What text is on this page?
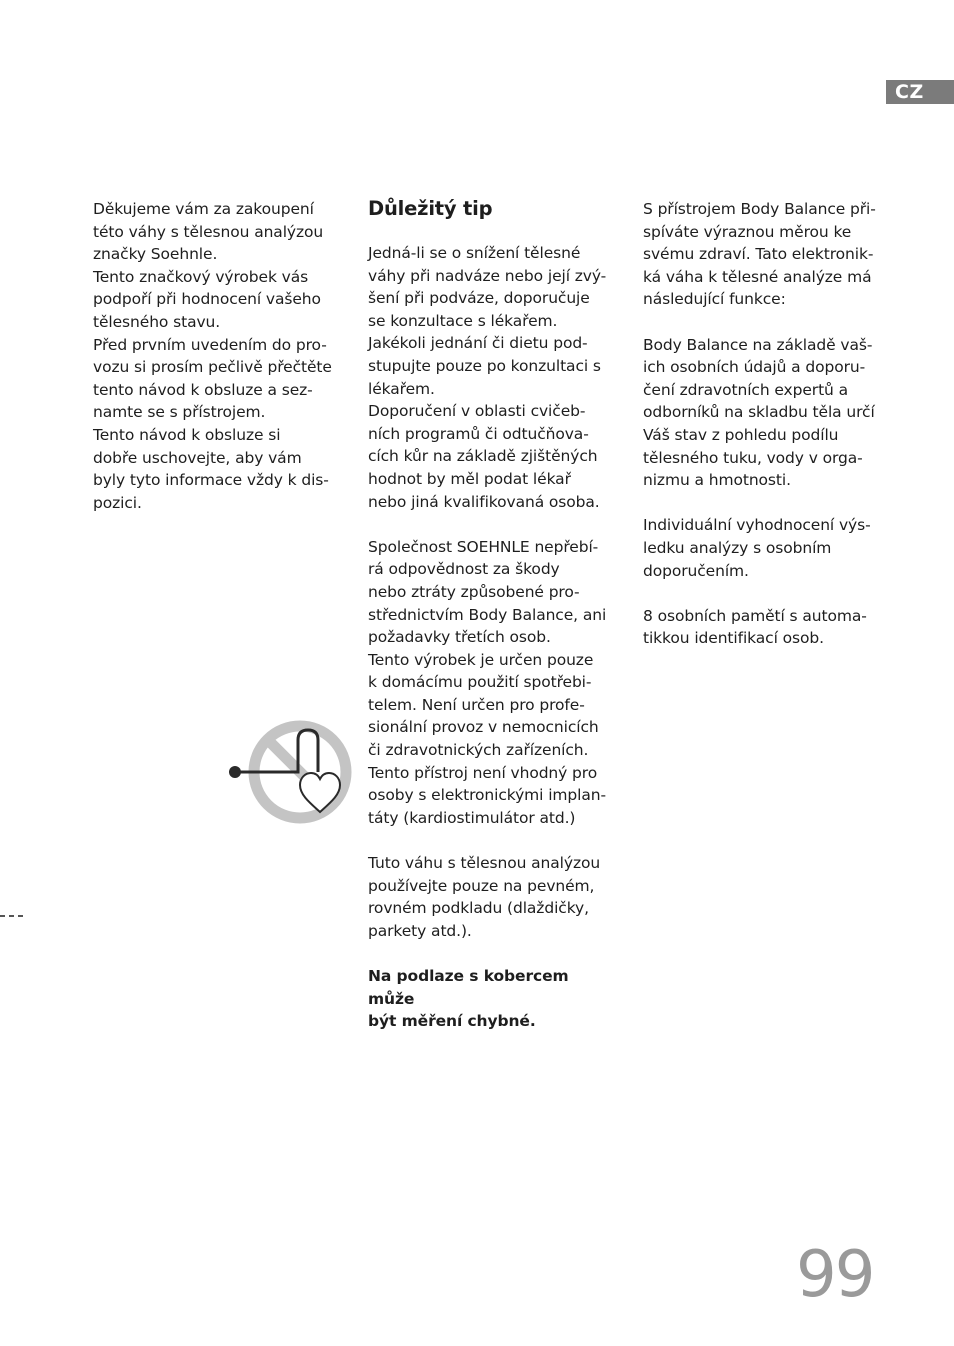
CZ

Děkujeme vám za zakoupení
této váhy s tělesnou analýzou
značky Soehnle.
Tento značkový výrobek vás
podpoří při hodnocení vašeho
tělesného stavu.
Před prvním uvedením do pro-
vozu si prosím pečlivě přečtěte
tento návod k obsluze a sez-
namte se s přístrojem.
Tento návod k obsluze si
dobře uschovejte, aby vám
byly tyto informace vždy k dis-
pozici.

Důležitý tip

Jedná-li se o snížení tělesné
váhy při nadváze nebo její zvý-
šení při podváze, doporučuje
se konzultace s lékařem.
Jakékoli jednání či dietu pod-
stupujte pouze po konzultaci s
lékařem.
Doporučení v oblasti cvičeb-
ních programů či odtučňova-
cích kůr na základě zjištěných
hodnot by měl podat lékař
nebo jiná kvalifikovaná osoba.

Společnost SOEHNLE nepřebí-
rá odpovědnost za škody
nebo ztráty způsobené pro-
střednictvím Body Balance, ani
požadavky třetích osob.
Tento výrobek je určen pouze
k domácímu použití spotřebi-
telem. Není určen pro profe-
sionální provoz v nemocnicích
či zdravotnických zařízeních.
Tento přístroj není vhodný pro
osoby s elektronickými implan-
táty (kardiostimulátor atd.)

Tuto váhu s tělesnou analýzou
používejte pouze na pevném,
rovném podkladu (dlaždičky,
parkety atd.).

Na podlaze s kobercem může
být měření chybné.

S přístrojem Body Balance při-
spíváte výraznou měrou ke
svému zdraví. Tato elektronik-
ká váha k tělesné analýze má
následující funkce:

Body Balance na základě vaš-
ich osobních údajů a doporu-
čení zdravotních expertů a
odborníků na skladbu těla určí
Váš stav z pohledu podílu
tělesného tuku, vody v orga-
nizmu a hmotnosti.

Individuální vyhodnocení výs-
ledku analýzy s osobním
doporučením.

8 osobních pamětí s automa-
tikkou identifikací osob.

99
